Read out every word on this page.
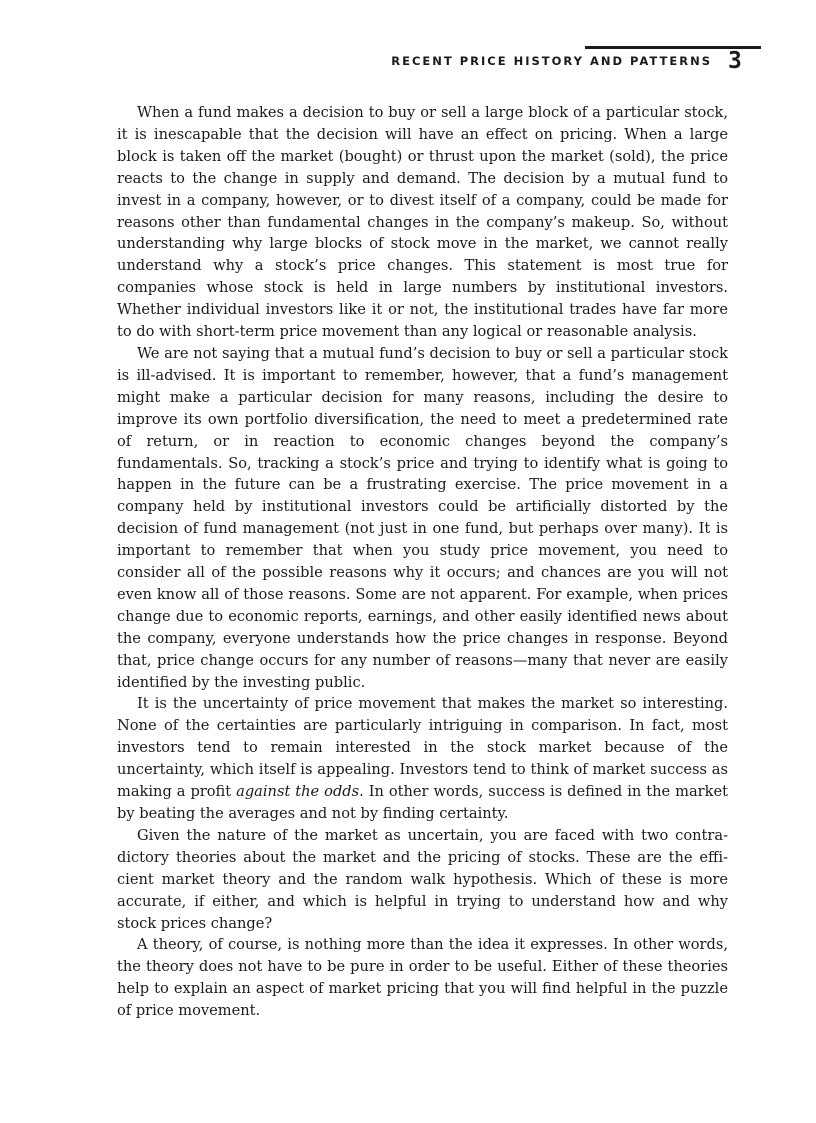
RECENT PRICE HISTORY AND PATTERNS 3

When a fund makes a decision to buy or sell a large block of a particular stock, it is inescapable that the decision will have an effect on pricing. When a large block is taken off the market (bought) or thrust upon the market (sold), the price reacts to the change in supply and demand. The decision by a mutual fund to invest in a company, however, or to divest itself of a company, could be made for reasons other than fundamental changes in the company’s makeup. So, without understanding why large blocks of stock move in the market, we cannot really understand why a stock’s price changes. This statement is most true for companies whose stock is held in large numbers by institutional investors. Whether individual investors like it or not, the institutional trades have far more to do with short-term price movement than any logical or reasonable analysis.

We are not saying that a mutual fund’s decision to buy or sell a particular stock is ill-advised. It is important to remember, however, that a fund’s management might make a particular decision for many reasons, including the desire to improve its own portfolio diversification, the need to meet a predetermined rate of return, or in reaction to economic changes beyond the company’s fundamentals. So, tracking a stock’s price and trying to identify what is going to happen in the future can be a frustrating exercise. The price movement in a company held by institutional investors could be artificially distorted by the decision of fund management (not just in one fund, but perhaps over many). It is important to remember that when you study price movement, you need to consider all of the possible reasons why it occurs; and chances are you will not even know all of those reasons. Some are not apparent. For example, when prices change due to economic reports, earnings, and other easily identified news about the company, everyone understands how the price changes in response. Beyond that, price change occurs for any number of reasons—many that never are easily identified by the investing public.

It is the uncertainty of price movement that makes the market so interesting. None of the certainties are particularly intriguing in comparison. In fact, most investors tend to remain interested in the stock market because of the uncertainty, which itself is appealing. Investors tend to think of market success as making a profit against the odds. In other words, success is defined in the market by beating the averages and not by finding certainty.

Given the nature of the market as uncertain, you are faced with two contradictory theories about the market and the pricing of stocks. These are the efficient market theory and the random walk hypothesis. Which of these is more accurate, if either, and which is helpful in trying to understand how and why stock prices change?

A theory, of course, is nothing more than the idea it expresses. In other words, the theory does not have to be pure in order to be useful. Either of these theories help to explain an aspect of market pricing that you will find helpful in the puzzle of price movement.
